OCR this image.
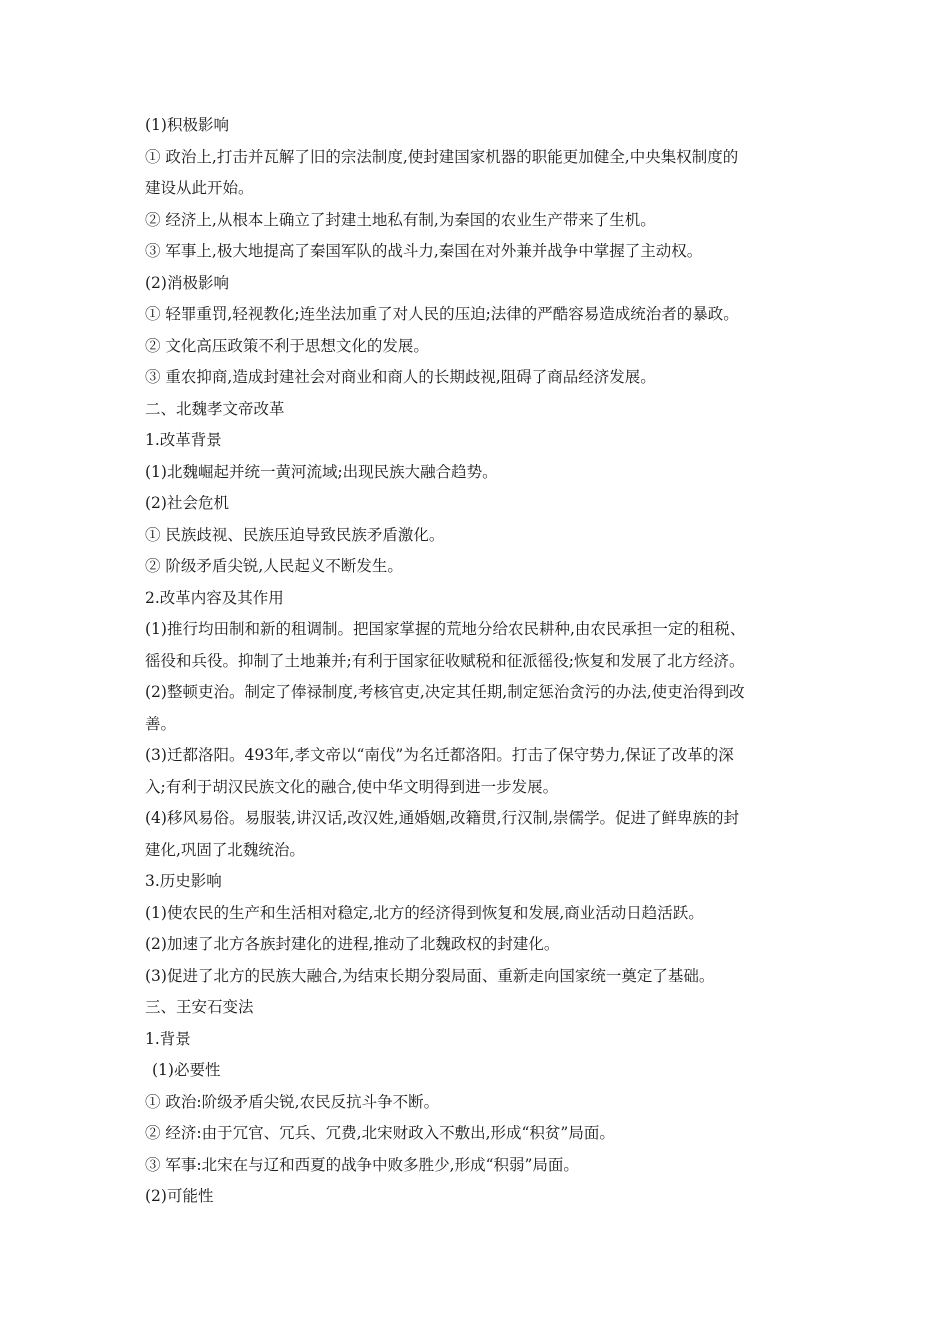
(1)积极影响
① 政治上,打击并瓦解了旧的宗法制度,使封建国家机器的职能更加健全,中央集权制度的
建设从此开始。
② 经济上,从根本上确立了封建土地私有制,为秦国的农业生产带来了生机。
③ 军事上,极大地提高了秦国军队的战斗力,秦国在对外兼并战争中掌握了主动权。
(2)消极影响
① 轻罪重罚,轻视教化;连坐法加重了对人民的压迫;法律的严酷容易造成统治者的暴政。
② 文化高压政策不利于思想文化的发展。
③ 重农抑商,造成封建社会对商业和商人的长期歧视,阻碍了商品经济发展。
二、北魏孝文帝改革
1.改革背景
(1)北魏崛起并统一黄河流域;出现民族大融合趋势。
(2)社会危机
① 民族歧视、民族压迫导致民族矛盾激化。
② 阶级矛盾尖锐,人民起义不断发生。
2.改革内容及其作用
(1)推行均田制和新的租调制。把国家掌握的荒地分给农民耕种,由农民承担一定的租税、
徭役和兵役。抑制了土地兼并;有利于国家征收赋税和征派徭役;恢复和发展了北方经济。
(2)整顿吏治。制定了俸禄制度,考核官吏,决定其任期,制定惩治贪污的办法,使吏治得到改
善。
(3)迁都洛阳。493年,孝文帝以“南伐”为名迁都洛阳。打击了保守势力,保证了改革的深
入;有利于胡汉民族文化的融合,使中华文明得到进一步发展。
(4)移风易俗。易服装,讲汉话,改汉姓,通婚姻,改籍贯,行汉制,崇儒学。促进了鲜卑族的封
建化,巩固了北魏统治。
3.历史影响
(1)使农民的生产和生活相对稳定,北方的经济得到恢复和发展,商业活动日趋活跃。
(2)加速了北方各族封建化的进程,推动了北魏政权的封建化。
(3)促进了北方的民族大融合,为结束长期分裂局面、重新走向国家统一奠定了基础。
三、王安石变法
1.背景
(1)必要性
① 政治:阶级矛盾尖锐,农民反抗斗争不断。
② 经济:由于冗官、冗兵、冗费,北宋财政入不敷出,形成“积贫”局面。
③ 军事:北宋在与辽和西夏的战争中败多胜少,形成“积弱”局面。
(2)可能性
